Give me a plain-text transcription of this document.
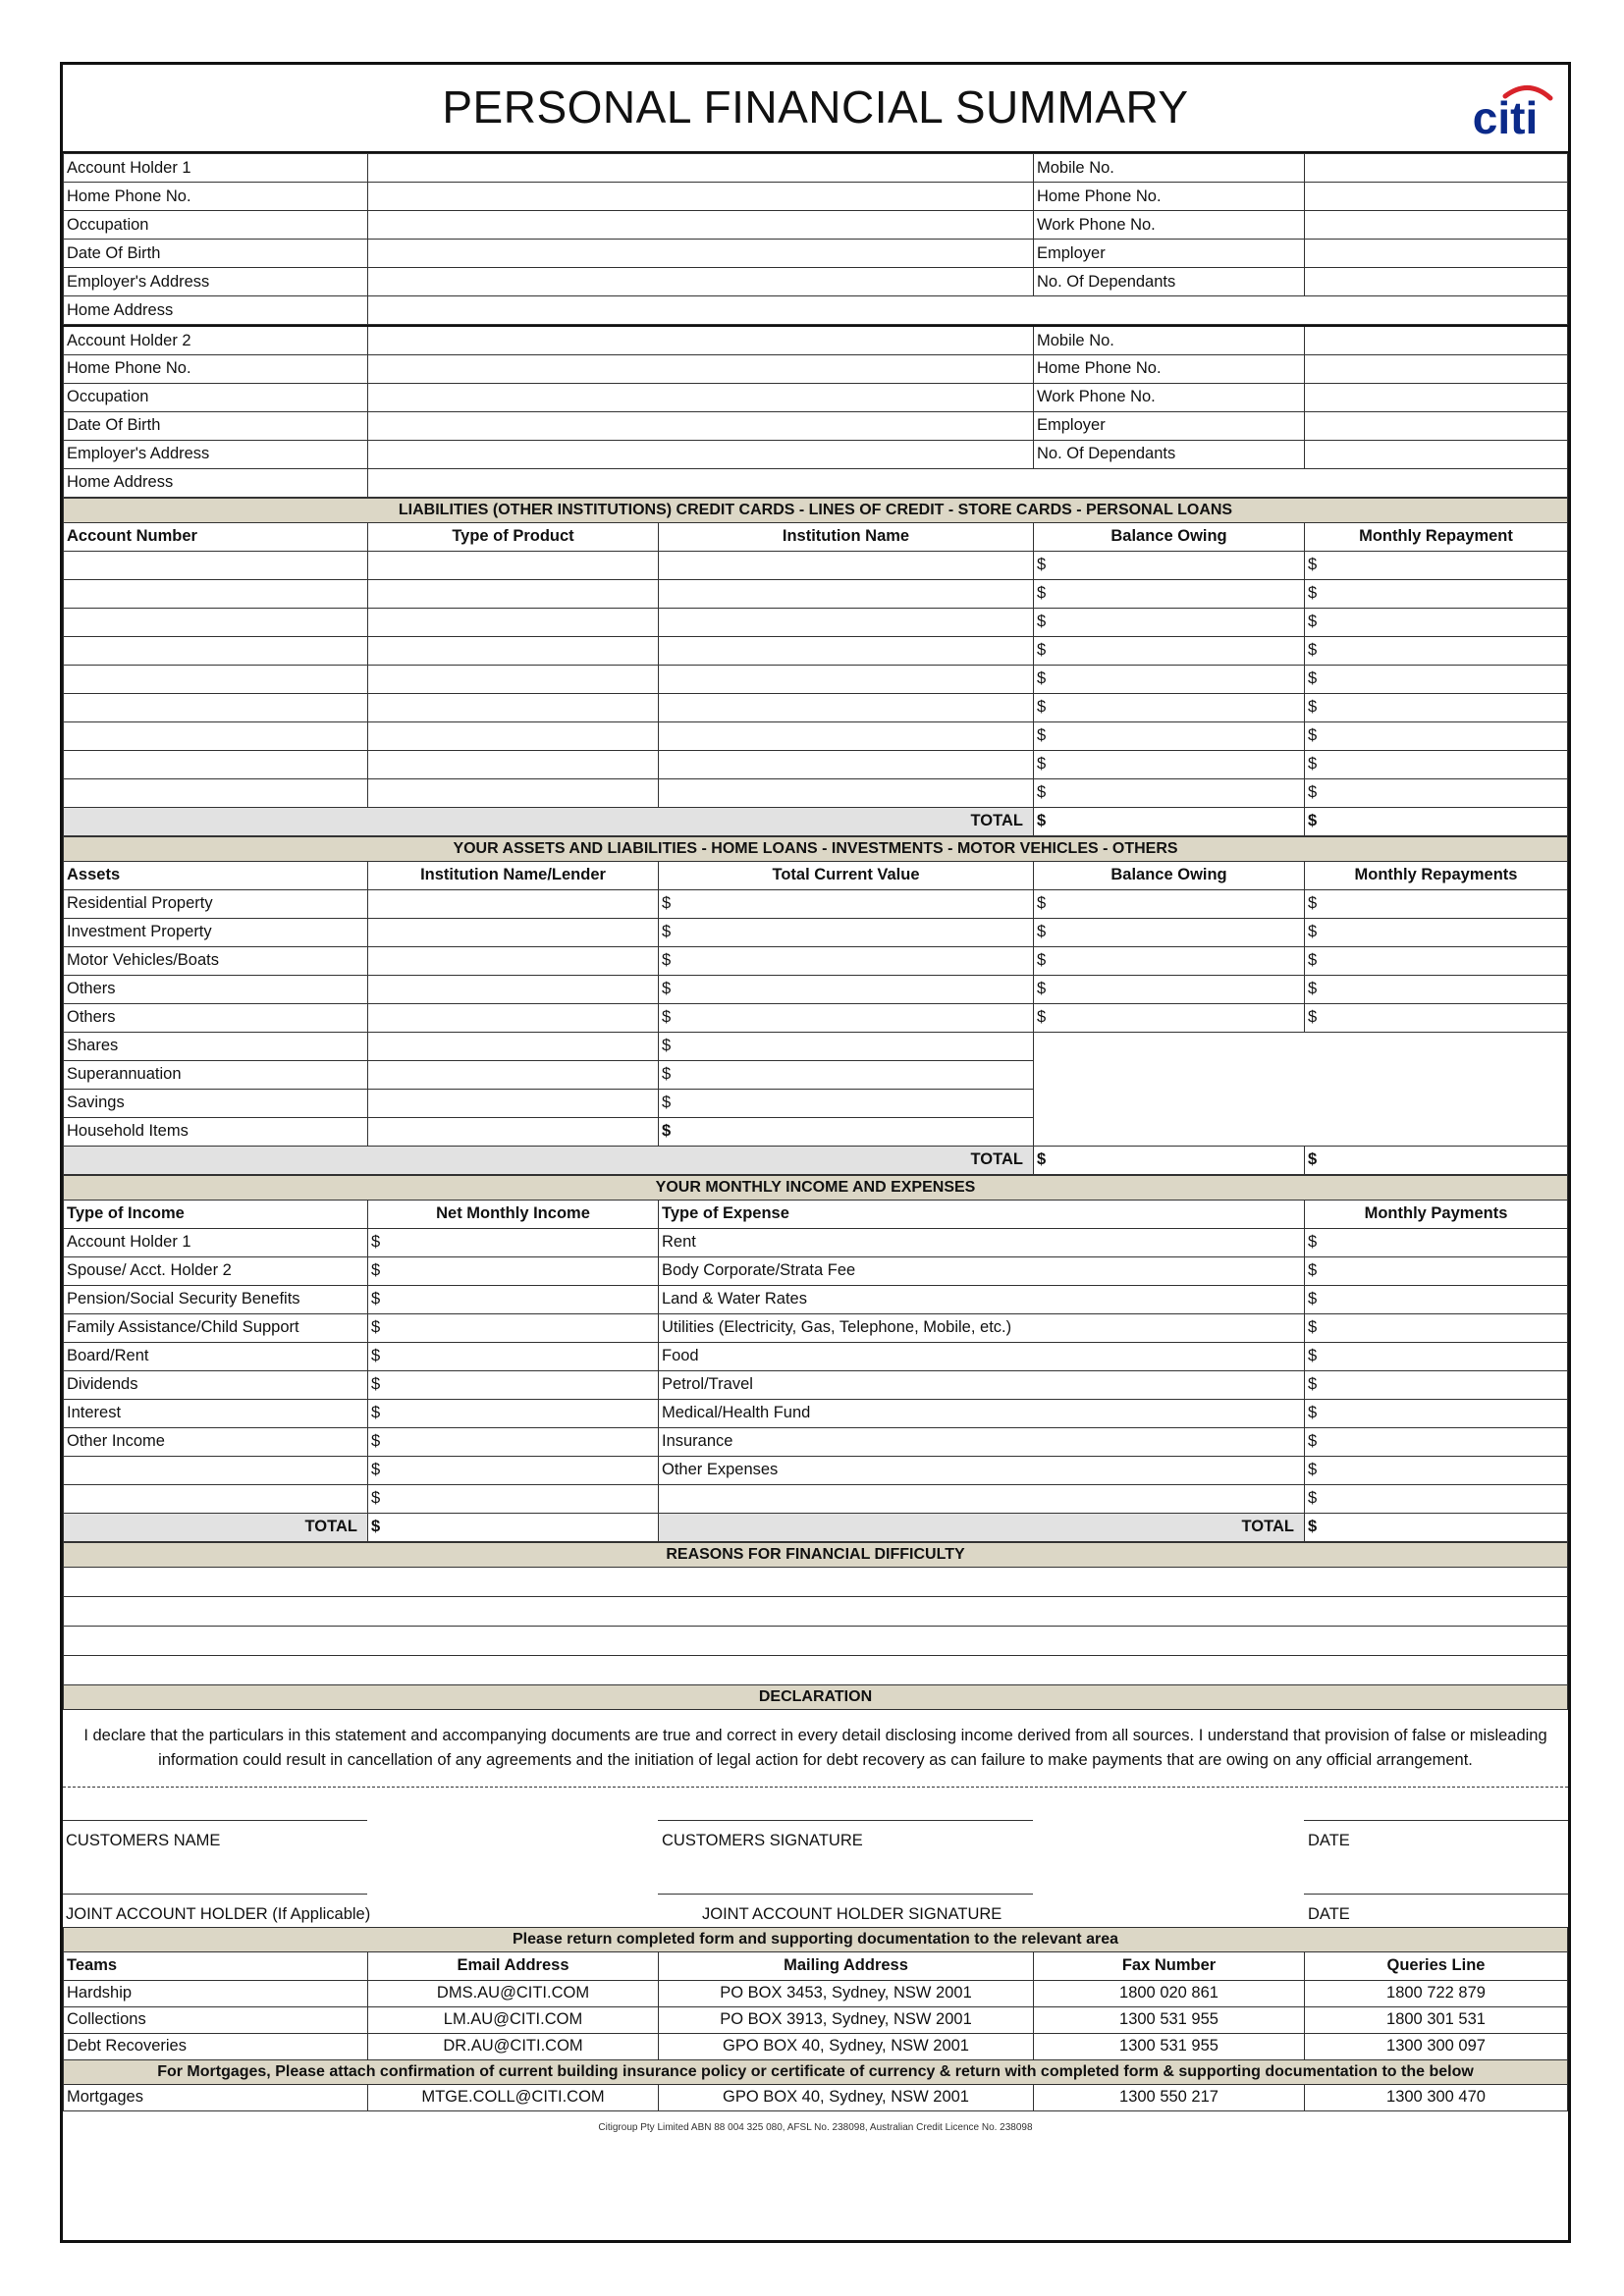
PERSONAL FINANCIAL SUMMARY	citi
Account Holder 1		Mobile No.	
Home Phone No.		Home Phone No.	
Occupation		Work Phone No.	
Date Of Birth		Employer	
Employer's Address		No. Of Dependants	
Home Address			
Account Holder 2		Mobile No.	
Home Phone No.		Home Phone No.	
Occupation		Work Phone No.	
Date Of Birth		Employer	
Employer's Address		No. Of Dependants	
Home Address			
LIABILITIES (OTHER INSTITUTIONS) CREDIT CARDS - LINES OF CREDIT - STORE CARDS - PERSONAL LOANS				
Account Number	Type of Product	Institution Name	Balance Owing	Monthly Repayment
			$	$
			$	$
			$	$
			$	$
			$	$
			$	$
			$	$
			$	$
			$	$
TOTAL			$	$
YOUR ASSETS AND LIABILITIES - HOME LOANS - INVESTMENTS - MOTOR VEHICLES - OTHERS				
Assets	Institution Name/Lender	Total Current Value	Balance Owing	Monthly Repayments
Residential Property		$	$	$
Investment Property		$	$	$
Motor Vehicles/Boats		$	$	$
Others		$	$	$
Others		$	$	$
Shares		$		
Superannuation		$		
Savings		$		
Household Items		$		
TOTAL			$	$
YOUR MONTHLY INCOME AND EXPENSES			
Type of Income	Net Monthly Income	Type of Expense	Monthly Payments
Account Holder 1	$	Rent	$
Spouse/ Acct. Holder 2	$	Body Corporate/Strata Fee	$
Pension/Social Security Benefits	$	Land & Water Rates	$
Family Assistance/Child Support	$	Utilities (Electricity, Gas, Telephone, Mobile, etc.)	$
Board/Rent	$	Food	$
Dividends	$	Petrol/Travel	$
Interest	$	Medical/Health Fund	$
Other Income	$	Insurance	$
	$	Other Expenses	$
	$		$
TOTAL	$	TOTAL	$
REASONS FOR FINANCIAL DIFFICULTY

DECLARATION
I declare that the particulars in this statement and accompanying documents are true and correct in every detail disclosing income derived from all sources. I understand that provision of false or misleading information could result in cancellation of any agreements and the initiation of legal action for debt recovery as can failure to make payments that are owing on any official arrangement.
CUSTOMERS NAME	CUSTOMERS SIGNATURE	DATE
JOINT ACCOUNT HOLDER (If Applicable)	JOINT ACCOUNT HOLDER SIGNATURE	DATE
Please return completed form and supporting documentation to the relevant area				
Teams	Email Address	Mailing Address	Fax Number	Queries Line
Hardship	DMS.AU@CITI.COM	PO BOX 3453, Sydney, NSW 2001	1800 020 861	1800 722 879
Collections	LM.AU@CITI.COM	PO BOX 3913, Sydney, NSW 2001	1300 531 955	1800 301 531
Debt Recoveries	DR.AU@CITI.COM	GPO BOX 40, Sydney, NSW 2001	1300 531 955	1300 300 097
For Mortgages, Please attach confirmation of current building insurance policy or certificate of currency & return with completed form & supporting documentation to the below				
Mortgages	MTGE.COLL@CITI.COM	GPO BOX 40, Sydney, NSW 2001	1300 550 217	1300 300 470
Citigroup Pty Limited ABN 88 004 325 080, AFSL No. 238098, Australian Credit Licence No. 238098
